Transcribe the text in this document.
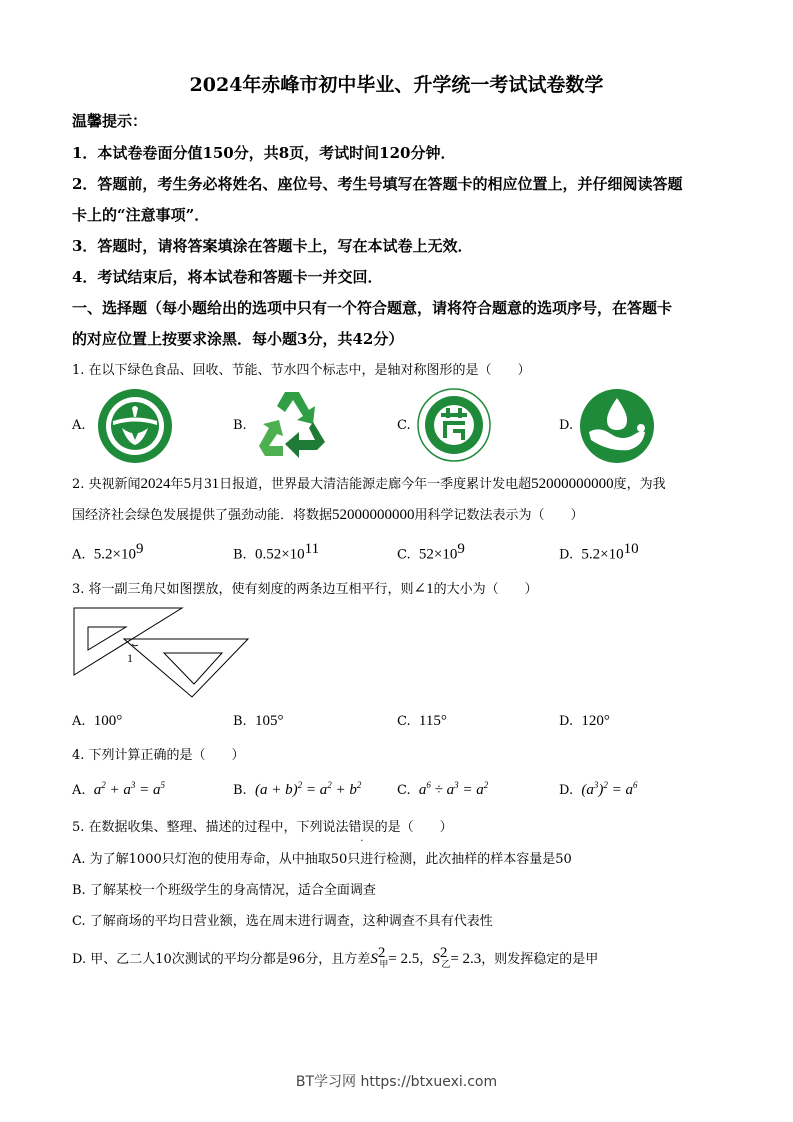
2024年赤峰市初中毕业、升学统一考试试卷数学
温馨提示：
1．本试卷卷面分值150分，共8页，考试时间120分钟．
2．答题前，考生务必将姓名、座位号、考生号填写在答题卡的相应位置上，并仔细阅读答题
卡上的“注意事项”．
3．答题时，请将答案填涂在答题卡上，写在本试卷上无效．
4．考试结束后，将本试卷和答题卡一并交回．
一、选择题（每小题给出的选项中只有一个符合题意，请将符合题意的选项序号，在答题卡
的对应位置上按要求涂黑．每小题3分，共42分）
1. 在以下绿色食品、回收、节能、节水四个标志中，是轴对称图形的是（　　）
A.	B.	C.	D.
2. 央视新闻2024年5月31日报道，世界最大清洁能源走廊今年一季度累计发电超52000000000度，为我
国经济社会绿色发展提供了强劲动能．将数据52000000000用科学记数法表示为（　　）
A. $5.2\times 10^9$	B. $0.52\times 10^{11}$	C. $52\times 10^9$	D. $5.2\times 10^{10}$
3. 将一副三角尺如图摆放，使有刻度的两条边互相平行，则∠1的大小为（　　）
1
A. 100°	B. 105°	C. 115°	D. 120°
4. 下列计算正确的是（　　）
A. $a^2 + a^3 = a^5$	B. $(a + b)^2 = a^2 + b^2$	C. $a^6 \div a^3 = a^2$	D. $(a^3)^2 = a^6$
5. 在数据收集、整理、描述的过程中，下列说法错误的是（　　）
A. 为了解1000只灯泡的使用寿命，从中抽取50只进行检测，此次抽样的样本容量是50
B. 了解某校一个班级学生的身高情况，适合全面调查
C. 了解商场的平均日营业额，选在周末进行调查，这种调查不具有代表性
D. 甲、乙二人10次测试的平均分都是96分，且方差$S^2_甲= 2.5$，$S^2_乙= 2.3$，则发挥稳定的是甲
BT学习网 https://btxuexi.com
